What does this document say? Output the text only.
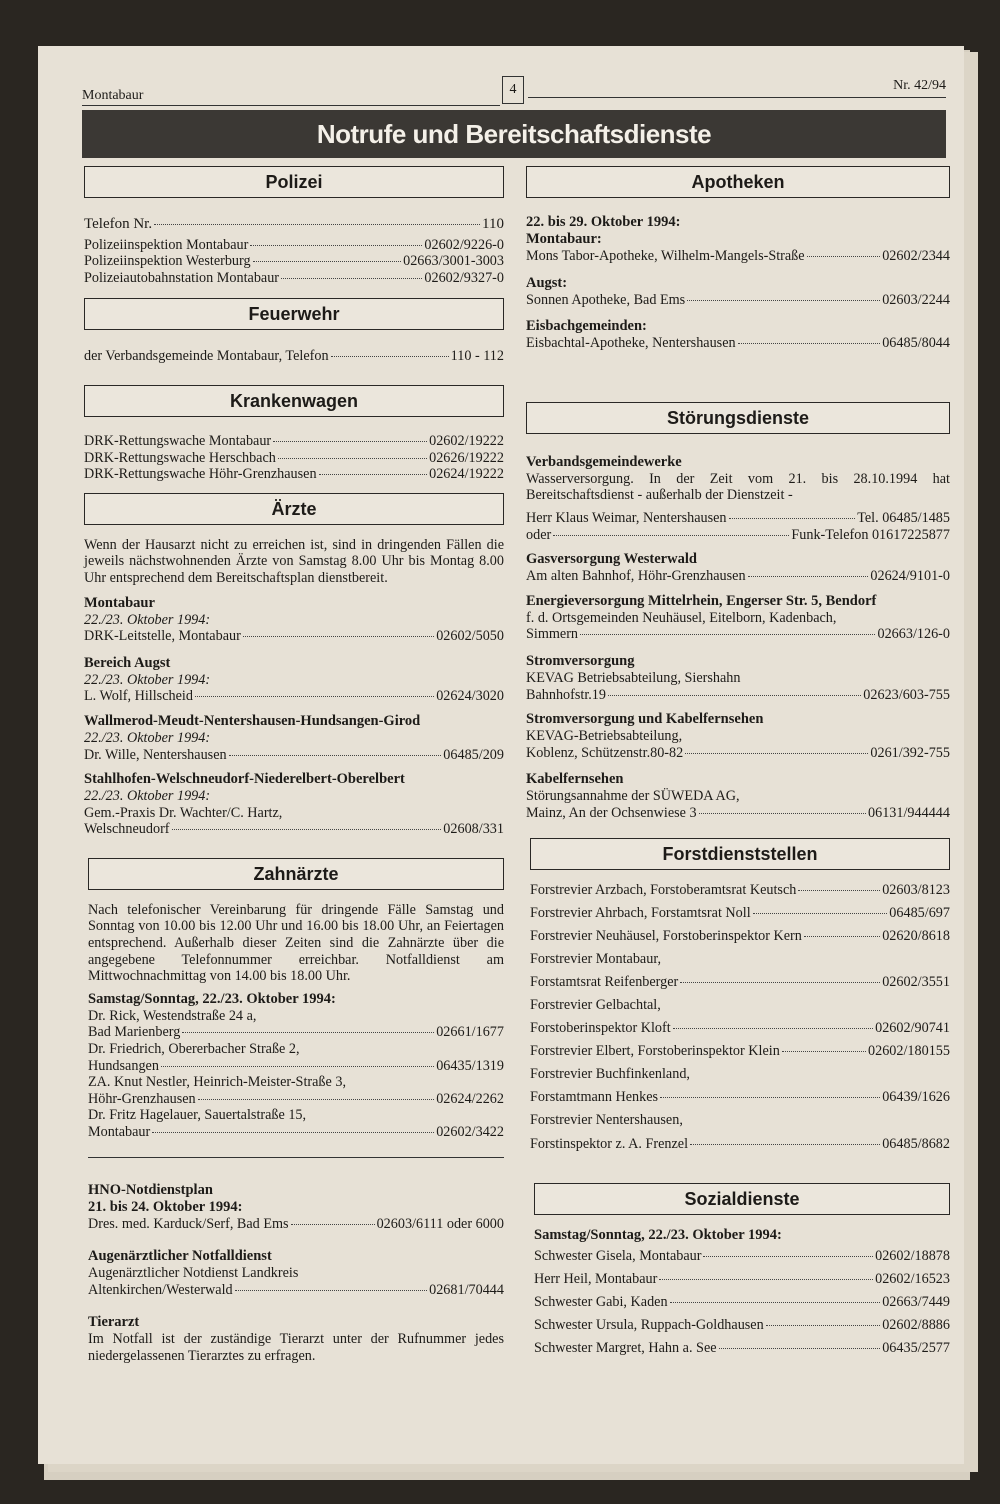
Montabaur	4	Nr. 42/94
Notrufe und Bereitschaftsdienste
Polizei
Telefon Nr.	110
Polizeiinspektion Montabaur	02602/9226-0
Polizeiinspektion Westerburg	02663/3001-3003
Polizeiautobahnstation Montabaur	02602/9327-0
Feuerwehr
der Verbandsgemeinde Montabaur, Telefon	110 - 112
Krankenwagen
DRK-Rettungswache Montabaur	02602/19222
DRK-Rettungswache Herschbach	02626/19222
DRK-Rettungswache Höhr-Grenzhausen	02624/19222
Ärzte
Wenn der Hausarzt nicht zu erreichen ist, sind in dringenden Fällen die jeweils nächstwohnenden Ärzte von Samstag 8.00 Uhr bis Montag 8.00 Uhr entsprechend dem Bereitschaftsplan dienstbereit.
Montabaur
22./23. Oktober 1994:
DRK-Leitstelle, Montabaur	02602/5050
Bereich Augst
22./23. Oktober 1994:
L. Wolf, Hillscheid	02624/3020
Wallmerod-Meudt-Nentershausen-Hundsangen-Girod
22./23. Oktober 1994:
Dr. Wille, Nentershausen	06485/209
Stahlhofen-Welschneudorf-Niederelbert-Oberelbert
22./23. Oktober 1994:
Gem.-Praxis Dr. Wachter/C. Hartz,
Welschneudorf	02608/331
Zahnärzte
Nach telefonischer Vereinbarung für dringende Fälle Samstag und Sonntag von 10.00 bis 12.00 Uhr und 16.00 bis 18.00 Uhr, an Feiertagen entsprechend. Außerhalb dieser Zeiten sind die Zahnärzte über die angegebene Telefonnummer erreichbar. Notfalldienst am Mittwochnachmittag von 14.00 bis 18.00 Uhr.
Samstag/Sonntag, 22./23. Oktober 1994:
Dr. Rick, Westendstraße 24 a,
Bad Marienberg	02661/1677
Dr. Friedrich, Obererbacher Straße 2,
Hundsangen	06435/1319
ZA. Knut Nestler, Heinrich-Meister-Straße 3,
Höhr-Grenzhausen	02624/2262
Dr. Fritz Hagelauer, Sauertalstraße 15,
Montabaur	02602/3422
HNO-Notdienstplan
21. bis 24. Oktober 1994:
Dres. med. Karduck/Serf, Bad Ems	02603/6111 oder 6000
Augenärztlicher Notfalldienst
Augenärztlicher Notdienst Landkreis
Altenkirchen/Westerwald	02681/70444
Tierarzt
Im Notfall ist der zuständige Tierarzt unter der Rufnummer jedes niedergelassenen Tierarztes zu erfragen.
Apotheken
22. bis 29. Oktober 1994:
Montabaur:
Mons Tabor-Apotheke, Wilhelm-Mangels-Straße	02602/2344
Augst:
Sonnen Apotheke, Bad Ems	02603/2244
Eisbachgemeinden:
Eisbachtal-Apotheke, Nentershausen	06485/8044
Störungsdienste
Verbandsgemeindewerke
Wasserversorgung. In der Zeit vom 21. bis 28.10.1994 hat Bereitschaftsdienst - außerhalb der Dienstzeit -
Herr Klaus Weimar, Nentershausen	Tel. 06485/1485
oder	Funk-Telefon 01617225877
Gasversorgung Westerwald
Am alten Bahnhof, Höhr-Grenzhausen	02624/9101-0
Energieversorgung Mittelrhein, Engerser Str. 5, Bendorf
f. d. Ortsgemeinden Neuhäusel, Eitelborn, Kadenbach,
Simmern	02663/126-0
Stromversorgung
KEVAG Betriebsabteilung, Siershahn
Bahnhofstr.19	02623/603-755
Stromversorgung und Kabelfernsehen
KEVAG-Betriebsabteilung,
Koblenz, Schützenstr.80-82	0261/392-755
Kabelfernsehen
Störungsannahme der SÜWEDA AG,
Mainz, An der Ochsenwiese 3	06131/944444
Forstdienststellen
Forstrevier Arzbach, Forstoberamtsrat Keutsch	02603/8123
Forstrevier Ahrbach, Forstamtsrat Noll	06485/697
Forstrevier Neuhäusel, Forstoberinspektor Kern	02620/8618
Forstrevier Montabaur,
Forstamtsrat Reifenberger	02602/3551
Forstrevier Gelbachtal,
Forstoberinspektor Kloft	02602/90741
Forstrevier Elbert, Forstoberinspektor Klein	02602/180155
Forstrevier Buchfinkenland,
Forstamtmann Henkes	06439/1626
Forstrevier Nentershausen,
Forstinspektor z. A. Frenzel	06485/8682
Sozialdienste
Samstag/Sonntag, 22./23. Oktober 1994:
Schwester Gisela, Montabaur	02602/18878
Herr Heil, Montabaur	02602/16523
Schwester Gabi, Kaden	02663/7449
Schwester Ursula, Ruppach-Goldhausen	02602/8886
Schwester Margret, Hahn a. See	06435/2577
